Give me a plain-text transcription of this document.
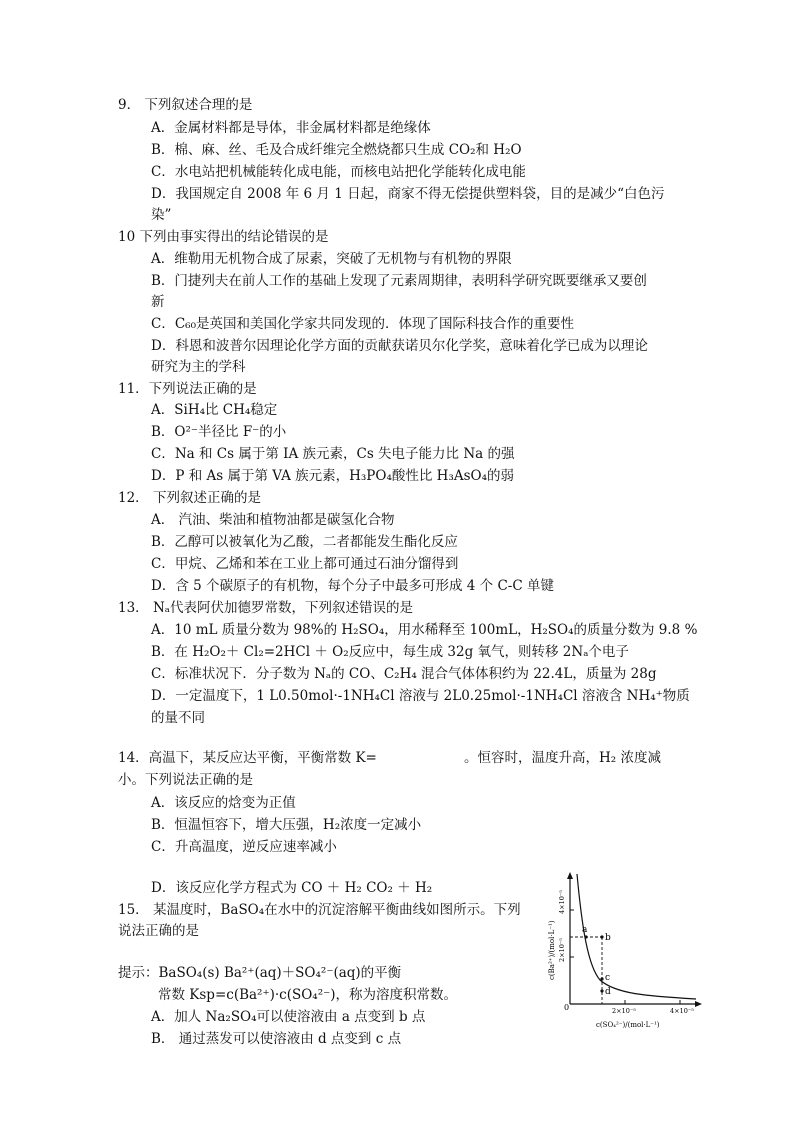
9． 下列叙述合理的是
A．金属材料都是导体，非金属材料都是绝缘体
B．棉、麻、丝、毛及合成纤维完全燃烧都只生成 CO₂和 H₂O
C．水电站把机械能转化成电能，而核电站把化学能转化成电能
D．我国规定自 2008 年 6 月 1 日起，商家不得无偿提供塑料袋，目的是减少“白色污
染”
10 下列由事实得出的结论错误的是
A．维勒用无机物合成了尿素，突破了无机物与有机物的界限
B．门捷列夫在前人工作的基础上发现了元素周期律，表明科学研究既要继承又要创
新
C．C₆₀是英国和美国化学家共同发现的．体现了国际科技合作的重要性
D．科恩和波普尔因理论化学方面的贡献获诺贝尔化学奖，意味着化学已成为以理论
研究为主的学科
11．下列说法正确的是
A．SiH₄比 CH₄稳定
B．O²⁻半径比 F⁻的小
C．Na 和 Cs 属于第 IA 族元素，Cs 失电子能力比 Na 的强
D．P 和 As 属于第 VA 族元素，H₃PO₄酸性比 H₃AsO₄的弱
12． 下列叙述正确的是
A． 汽油、柴油和植物油都是碳氢化合物
B．乙醇可以被氧化为乙酸，二者都能发生酯化反应
C．甲烷、乙烯和苯在工业上都可通过石油分馏得到
D．含 5 个碳原子的有机物，每个分子中最多可形成 4 个 C-C 单键
13． Nₐ代表阿伏加德罗常数，下列叙述错误的是
A．10 mL 质量分数为 98%的 H₂SO₄，用水稀释至 100mL，H₂SO₄的质量分数为 9.8 %
B．在 H₂O₂＋ Cl₂=2HCl ＋ O₂反应中，每生成 32g 氧气，则转移 2Nₐ个电子
C．标准状况下．分子数为 Nₐ的 CO、C₂H₄ 混合气体体积约为 22.4L，质量为 28g
D．一定温度下，1 L0.50mol·-1NH₄Cl 溶液与 2L0.25mol·-1NH₄Cl 溶液含 NH₄⁺物质
的量不同
14．高温下，某反应达平衡，平衡常数 K=	。恒容时，温度升高，H₂ 浓度减
小。下列说法正确的是
A．该反应的焓变为正值
B．恒温恒容下，增大压强，H₂浓度一定减小
C．升高温度，逆反应速率减小
D．该反应化学方程式为 CO ＋ H₂ CO₂ ＋ H₂
15． 某温度时，BaSO₄在水中的沉淀溶解平衡曲线如图所示。下列
说法正确的是
提示：BaSO₄(s) Ba²⁺(aq)＋SO₄²⁻(aq)的平衡
常数 Ksp=c(Ba²⁺)·c(SO₄²⁻)，称为溶度积常数。
A．加人 Na₂SO₄可以使溶液由 a 点变到 b 点
B． 通过蒸发可以使溶液由 d 点变到 c 点
a
b
c
d
0
4×10⁻⁵
2×10⁻⁵
2×10⁻⁵	4×10⁻⁵
c(Ba²⁺)/(mol·L⁻¹)
c(SO₄²⁻)/(mol·L⁻¹)
